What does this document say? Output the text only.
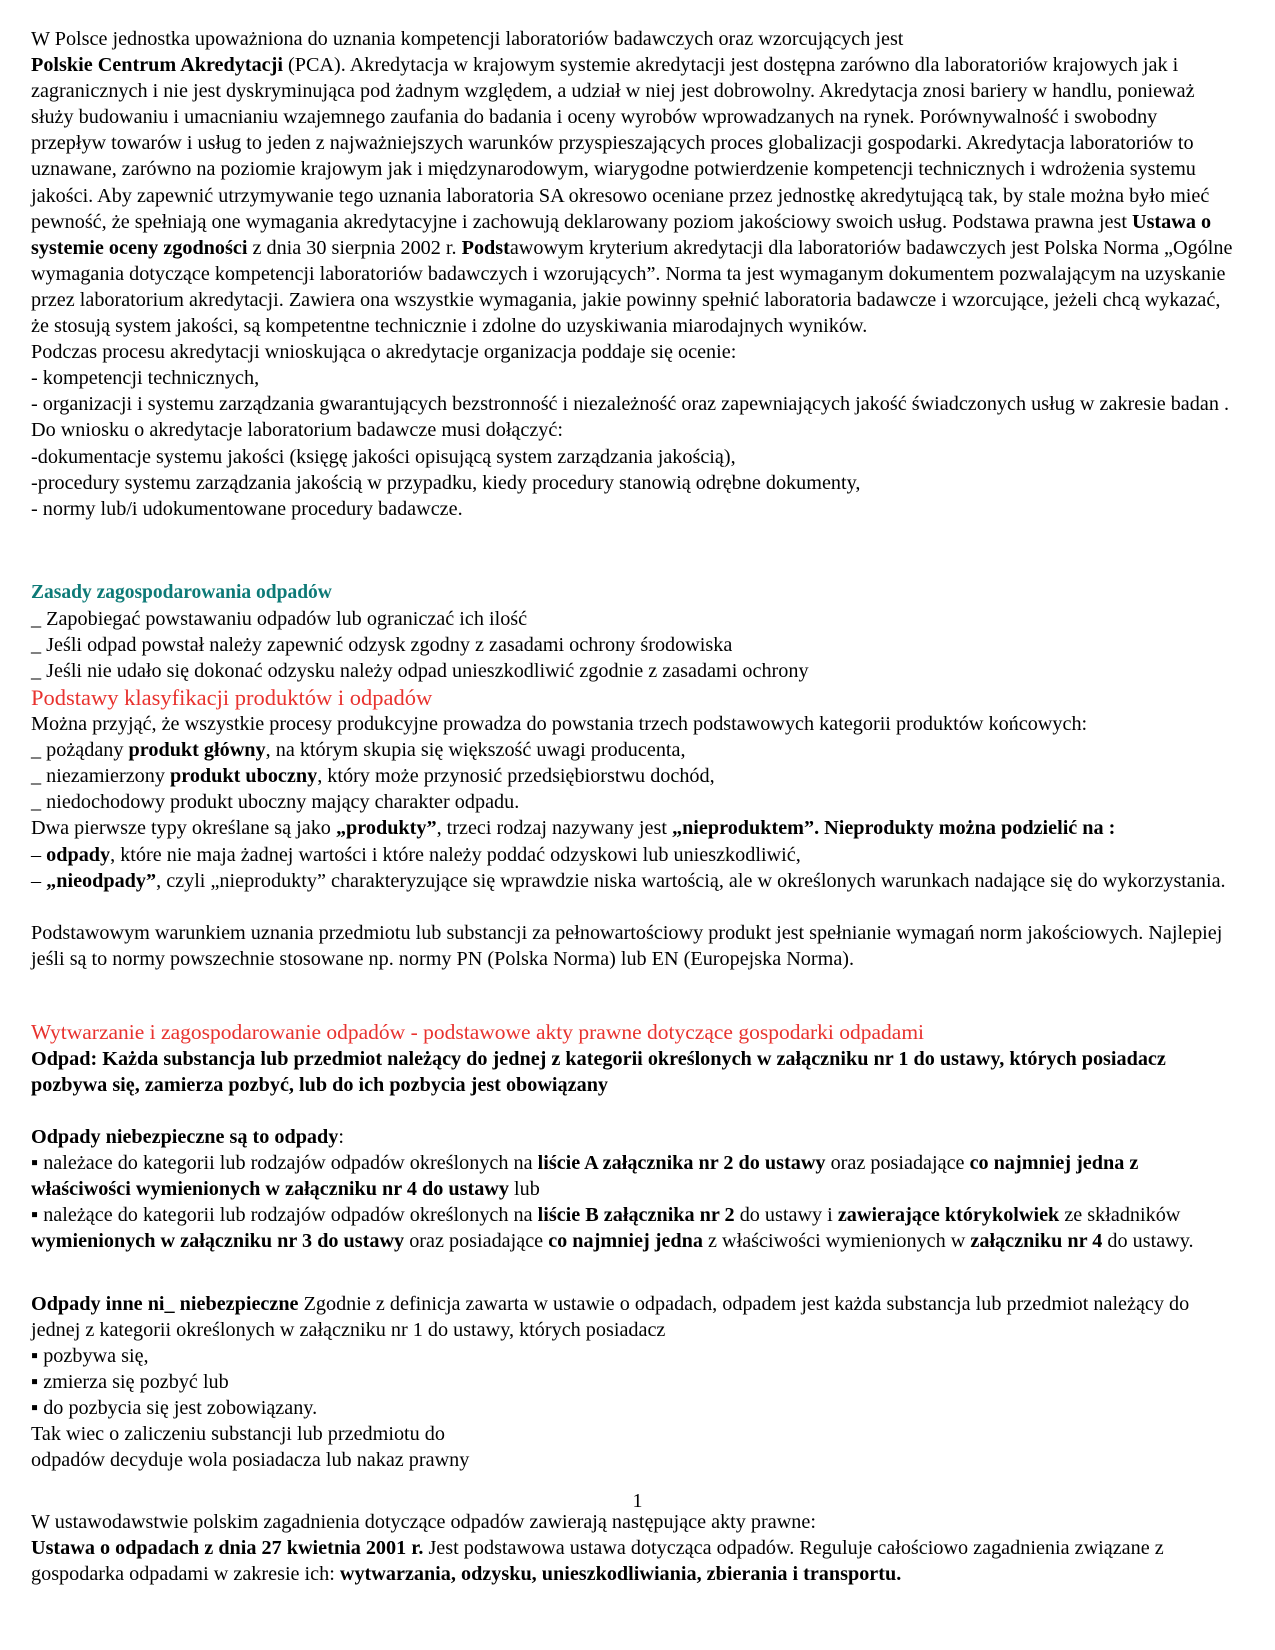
W Polsce jednostka upoważniona do uznania kompetencji laboratoriów badawczych oraz wzorcujących jest
Polskie Centrum Akredytacji (PCA). Akredytacja w krajowym systemie akredytacji jest dostępna zarówno dla laboratoriów krajowych jak i zagranicznych i nie jest dyskryminująca pod żadnym względem, a udział w niej jest dobrowolny. Akredytacja znosi bariery w handlu, ponieważ służy budowaniu i umacnianiu wzajemnego zaufania do badania i oceny wyrobów wprowadzanych na rynek. Porównywalność i swobodny przepływ towarów i usług to jeden z najważniejszych warunków przyspieszających proces globalizacji gospodarki. Akredytacja laboratoriów to uznawane, zarówno na poziomie krajowym jak i międzynarodowym, wiarygodne potwierdzenie kompetencji technicznych i wdrożenia systemu jakości. Aby zapewnić utrzymywanie tego uznania laboratoria SA okresowo oceniane przez jednostkę akredytującą tak, by stale można było mieć pewność, że spełniają one wymagania akredytacyjne i zachowują deklarowany poziom jakościowy swoich usług. Podstawa prawna jest Ustawa o systemie oceny zgodności z dnia 30 sierpnia 2002 r. Podstawowym kryterium akredytacji dla laboratoriów badawczych jest Polska Norma „Ogólne wymagania dotyczące kompetencji laboratoriów badawczych i wzorujących”. Norma ta jest wymaganym dokumentem pozwalającym na uzyskanie przez laboratorium akredytacji. Zawiera ona wszystkie wymagania, jakie powinny spełnić laboratoria badawcze i wzorcujące, jeżeli chcą wykazać, że stosują system jakości, są kompetentne technicznie i zdolne do uzyskiwania miarodajnych wyników.

Podczas procesu akredytacji wnioskująca o akredytacje organizacja poddaje się ocenie:

- kompetencji technicznych,

- organizacji i systemu zarządzania gwarantujących bezstronność i niezależność oraz zapewniających jakość świadczonych usług w zakresie badan .

Do wniosku o akredytacje laboratorium badawcze musi dołączyć:

-dokumentacje systemu jakości (księgę jakości opisującą system zarządzania jakością),

-procedury systemu zarządzania jakością w przypadku, kiedy procedury stanowią odrębne dokumenty,

- normy lub/i udokumentowane procedury badawcze.

Zasady zagospodarowania odpadów

_ Zapobiegać powstawaniu odpadów lub ograniczać ich ilość

_ Jeśli odpad powstał należy zapewnić odzysk zgodny z zasadami ochrony środowiska

_ Jeśli nie udało się dokonać odzysku należy odpad unieszkodliwić zgodnie z zasadami ochrony

Podstawy klasyfikacji produktów i odpadów

Można przyjąć, że wszystkie procesy produkcyjne prowadza do powstania trzech podstawowych kategorii produktów końcowych:

_ pożądany produkt główny, na którym skupia się większość uwagi producenta,

_ niezamierzony produkt uboczny, który może przynosić przedsiębiorstwu dochód,

_ niedochodowy produkt uboczny mający charakter odpadu.

Dwa pierwsze typy określane są jako „produkty”, trzeci rodzaj nazywany jest „nieproduktem”. Nieprodukty można podzielić na :

– odpady, które nie maja żadnej wartości i które należy poddać odzyskowi lub unieszkodliwić,

– „nieodpady”, czyli „nieprodukty” charakteryzujące się wprawdzie niska wartością, ale w określonych warunkach nadające się do wykorzystania.

Podstawowym warunkiem uznania przedmiotu lub substancji za pełnowartościowy produkt jest spełnianie wymagań norm jakościowych. Najlepiej jeśli są to normy powszechnie stosowane np. normy PN (Polska Norma) lub EN (Europejska Norma).

Wytwarzanie i zagospodarowanie odpadów - podstawowe akty prawne dotyczące gospodarki odpadami

Odpad: Każda substancja lub przedmiot należący do jednej z kategorii określonych w załączniku nr 1 do ustawy, których posiadacz pozbywa się, zamierza pozbyć, lub do ich pozbycia jest obowiązany

Odpady niebezpieczne są to odpady:

▪ należace do kategorii lub rodzajów odpadów określonych na liście A załącznika nr 2 do ustawy oraz posiadające co najmniej jedna z właściwości wymienionych w załączniku nr 4 do ustawy lub

▪ należące do kategorii lub rodzajów odpadów określonych na liście B załącznika nr 2 do ustawy i zawierające którykolwiek ze składników wymienionych w załączniku nr 3 do ustawy oraz posiadające co najmniej jedna z właściwości wymienionych w załączniku nr 4 do ustawy.

Odpady inne ni_ niebezpieczne Zgodnie z definicja zawarta w ustawie o odpadach, odpadem jest każda substancja lub przedmiot należący do jednej z kategorii określonych w załączniku nr 1 do ustawy, których posiadacz

▪ pozbywa się,

▪ zmierza się pozbyć lub

▪ do pozbycia się jest zobowiązany.

Tak wiec o zaliczeniu substancji lub przedmiotu do

odpadów decyduje wola posiadacza lub nakaz prawny

W ustawodawstwie polskim zagadnienia dotyczące odpadów zawierają następujące akty prawne:

Ustawa o odpadach z dnia 27 kwietnia 2001 r. Jest podstawowa ustawa dotycząca odpadów. Reguluje całościowo zagadnienia związane z gospodarka odpadami w zakresie ich: wytwarzania, odzysku, unieszkodliwiania, zbierania i transportu.

1
